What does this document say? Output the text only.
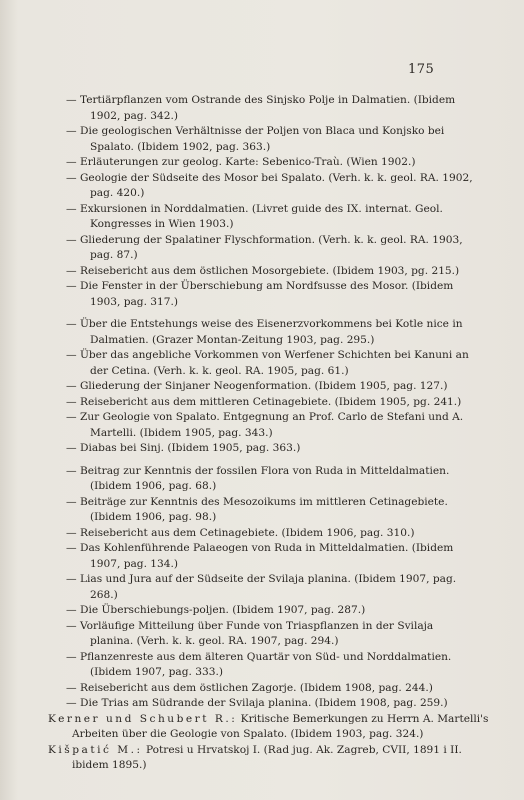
175
— Tertiärpflanzen vom Ostrande des Sinjsko Polje in Dalmatien. (Ibidem 1902, pag. 342.)
— Die geologischen Verhältnisse der Poljen von Blaca und Konjsko bei Spalato. (Ibidem 1902, pag. 363.)
— Erläuterungen zur geolog. Karte: Sebenico-Traù. (Wien 1902.)
— Geologie der Südseite des Mosor bei Spalato. (Verh. k. k. geol. RA. 1902, pag. 420.)
— Exkursionen in Norddalmatien. (Livret guide des IX. internat. Geol. Kongresses in Wien 1903.)
— Gliederung der Spalatiner Flyschformation. (Verh. k. k. geol. RA. 1903, pag. 87.)
— Reisebericht aus dem östlichen Mosorgebiete. (Ibidem 1903, pg. 215.)
— Die Fenster in der Überschiebung am Nordfsusse des Mosor. (Ibidem 1903, pag. 317.)
— Über die Entstehungs weise des Eisenerzvorkommens bei Kotle nice in Dalmatien. (Grazer Montan-Zeitung 1903, pag. 295.)
— Über das angebliche Vorkommen von Werfener Schichten bei Kanuni an der Cetina. (Verh. k. k. geol. RA. 1905, pag. 61.)
— Gliederung der Sinjaner Neogenformation. (Ibidem 1905, pag. 127.)
— Reisebericht aus dem mittleren Cetinagebiete. (Ibidem 1905, pg. 241.)
— Zur Geologie von Spalato. Entgegnung an Prof. Carlo de Stefani und A. Martelli. (Ibidem 1905, pag. 343.)
— Diabas bei Sinj. (Ibidem 1905, pag. 363.)
— Beitrag zur Kenntnis der fossilen Flora von Ruda in Mitteldalmatien. (Ibidem 1906, pag. 68.)
— Beiträge zur Kenntnis des Mesozoikums im mittleren Cetinagebiete. (Ibidem 1906, pag. 98.)
— Reisebericht aus dem Cetinagebiete. (Ibidem 1906, pag. 310.)
— Das Kohlenführende Palaeogen von Ruda in Mitteldalmatien. (Ibidem 1907, pag. 134.)
— Lias und Jura auf der Südseite der Svilaja planina. (Ibidem 1907, pag. 268.)
— Die Überschiebungs-poljen. (Ibidem 1907, pag. 287.)
— Vorläufige Mitteilung über Funde von Triaspflanzen in der Svilaja planina. (Verh. k. k. geol. RA. 1907, pag. 294.)
— Pflanzenreste aus dem älteren Quartär von Süd- und Norddalmatien. (Ibidem 1907, pag. 333.)
— Reisebericht aus dem östlichen Zagorje. (Ibidem 1908, pag. 244.)
— Die Trias am Südrande der Svilaja planina. (Ibidem 1908, pag. 259.)
Kerner und Schubert R.: Kritische Bemerkungen zu Herrn A. Martelli's Arbeiten über die Geologie von Spalato. (Ibidem 1903, pag. 324.)
Kišpatić M.: Potresi u Hrvatskoj I. (Rad jug. Ak. Zagreb, CVII, 1891 i II. ibidem 1895.)
